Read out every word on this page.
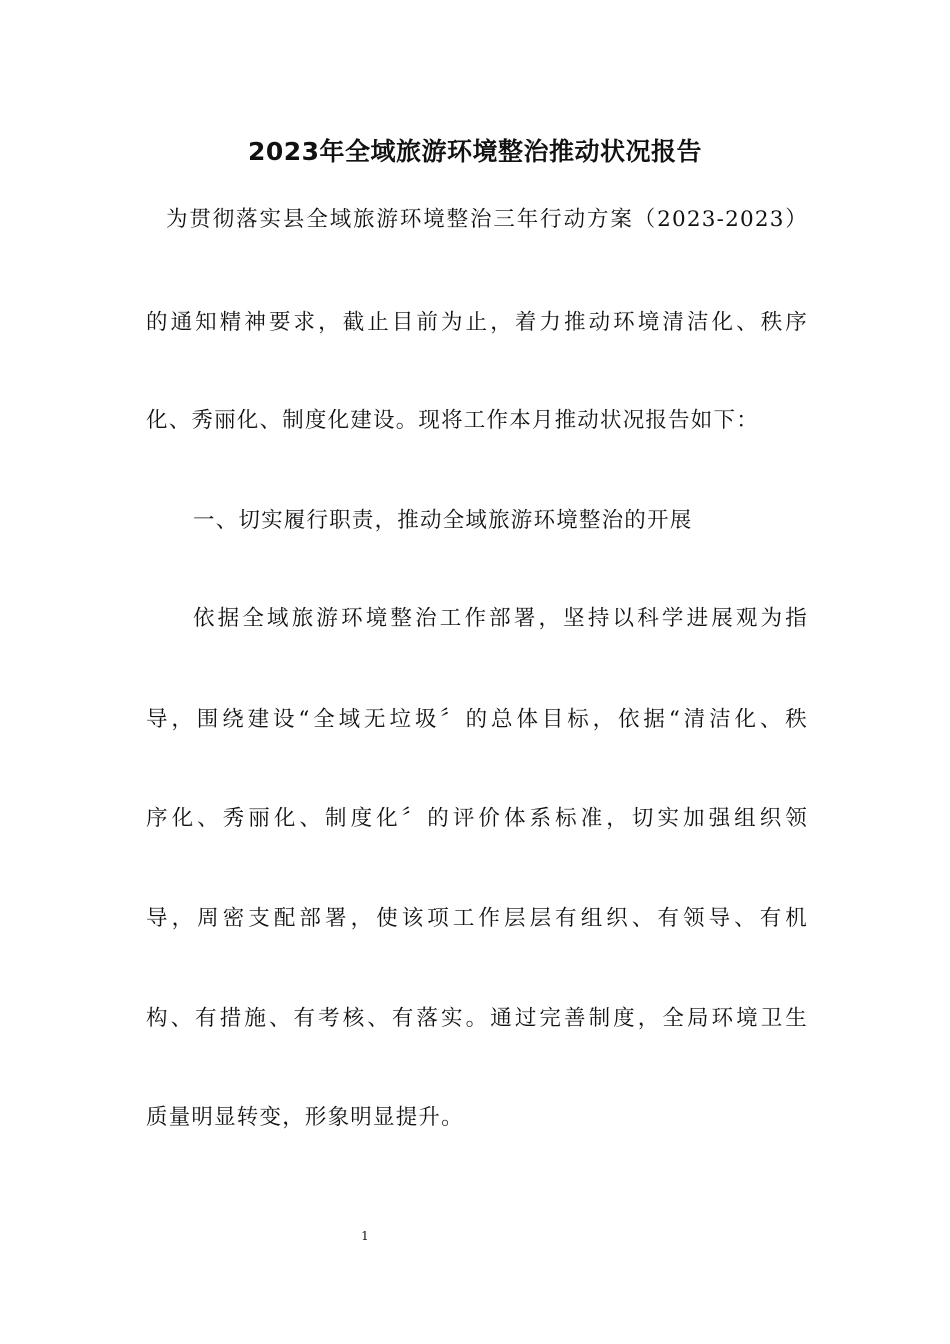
2023年全域旅游环境整治推动状况报告

为贯彻落实县全域旅游环境整治三年行动方案（2023-2023）

的通知精神要求，截止目前为止，着力推动环境清洁化、秩序

化、秀丽化、制度化建设。现将工作本月推动状况报告如下：

一、切实履行职责，推动全域旅游环境整治的开展

依据全域旅游环境整治工作部署，坚持以科学进展观为指

导，围绕建设“全域无垃圾〞的总体目标，依据“清洁化、秩

序化、秀丽化、制度化〞的评价体系标准，切实加强组织领

导，周密支配部署，使该项工作层层有组织、有领导、有机

构、有措施、有考核、有落实。通过完善制度，全局环境卫生

质量明显转变，形象明显提升。

1
